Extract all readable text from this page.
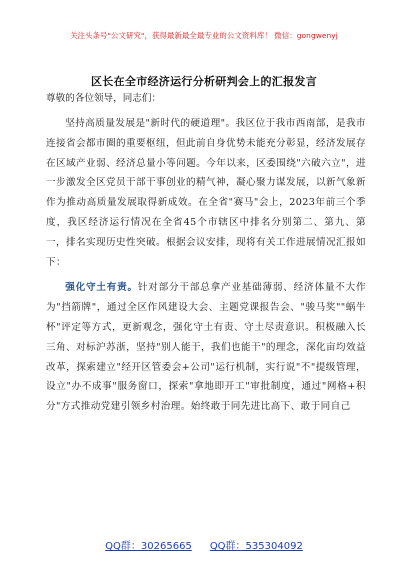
关注头条号"公文研究"，获得最新最全最专业的公文资料库！ 微信：gongwenyj
区长在全市经济运行分析研判会上的汇报发言

尊敬的各位领导，同志们：

坚持高质量发展是"新时代的硬道理"。我区位于我市西南部，是我市连接省会都市圈的重要枢纽，但此前自身优势未能充分彰显，经济发展存在区域产业弱、经济总量小等问题。今年以来，区委围绕"六破六立"，进一步激发全区党员干部干事创业的精气神，凝心聚力谋发展，以新气象新作为推动高质量发展取得新成效。在全省"赛马"会上，2023年前三个季度，我区经济运行情况在全省45个市辖区中排名分别第二、第九、第一，排名实现历史性突破。根据会议安排，现将有关工作进展情况汇报如下：

强化守土有责。针对部分干部总拿产业基础薄弱、经济体量不大作为"挡箭牌"，通过全区作风建设大会、主题党课报告会、"骏马奖""蜗牛杯"评定等方式，更新观念，强化守土有责、守土尽责意识。积极融入长三角、对标沪苏浙，坚持"别人能干，我们也能干"的理念，深化亩均效益改革，探索建立"经开区管委会+公司"运行机制，实行说"不"提级管理，设立"办不成事"服务窗口，探索"拿地即开工"审批制度，通过"网格+积分"方式推动党建引领乡村治理。始终敢于同先进比高下、敢于同自己

QQ群：30265665 QQ群：535304092
